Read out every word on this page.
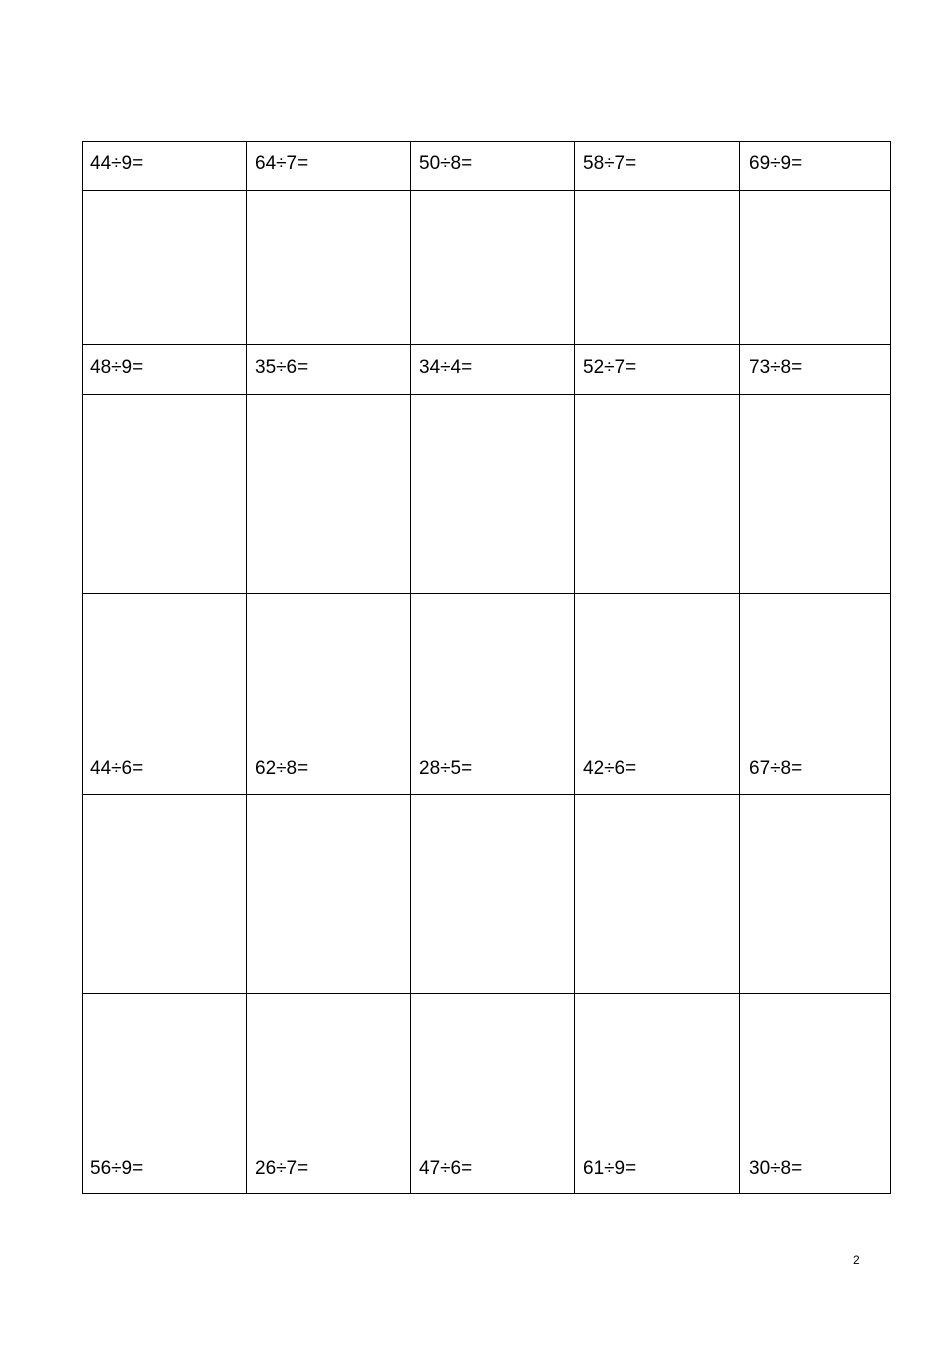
44÷9=	64÷7=	50÷8=	58÷7=	69÷9=
48÷9=	35÷6=	34÷4=	52÷7=	73÷8=
44÷6=	62÷8=	28÷5=	42÷6=	67÷8=
56÷9=	26÷7=	47÷6=	61÷9=	30÷8=
2
